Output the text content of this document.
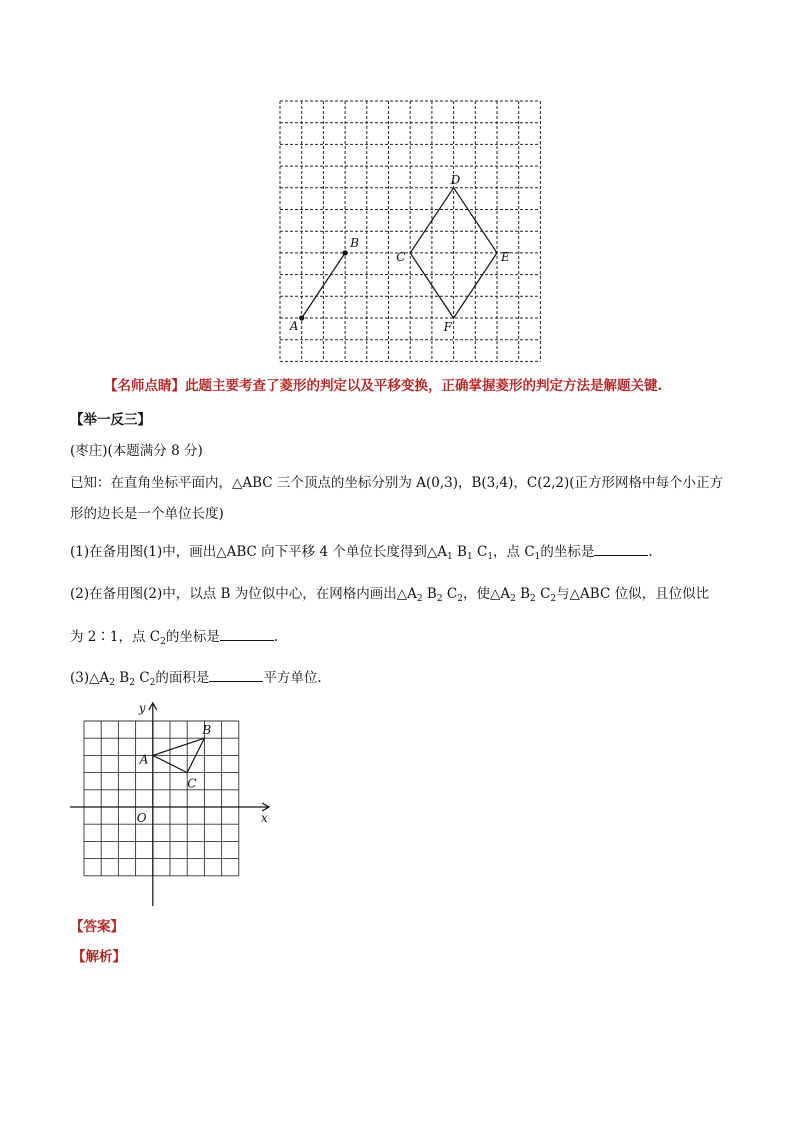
A
B
C
D
E
F
【名师点睛】此题主要考查了菱形的判定以及平移变换，正确掌握菱形的判定方法是解题关键.
【举一反三】
(枣庄)(本题满分 8 分)
已知：在直角坐标平面内，△ABC 三个顶点的坐标分别为 A(0,3)，B(3,4)，C(2,2)(正方形网格中每个小正方
形的边长是一个单位长度)
(1)在备用图(1)中，画出△ABC 向下平移 4 个单位长度得到$\triangle A_1$ $B_1$ $C_1$，点 $C_1$的坐标是	.
(2)在备用图(2)中，以点 B 为位似中心，在网格内画出$\triangle A_2$ $B_2$ $C_2$，使$\triangle A_2$ $B_2$ $C_2$与△ABC 位似，且位似比
为 2∶1，点 $C_2$的坐标是	.
$(3)\triangle A_2$ $B_2$ $C_2$的面积是	平方单位.
x
y
O
A
B
C
【答案】
【解析】
